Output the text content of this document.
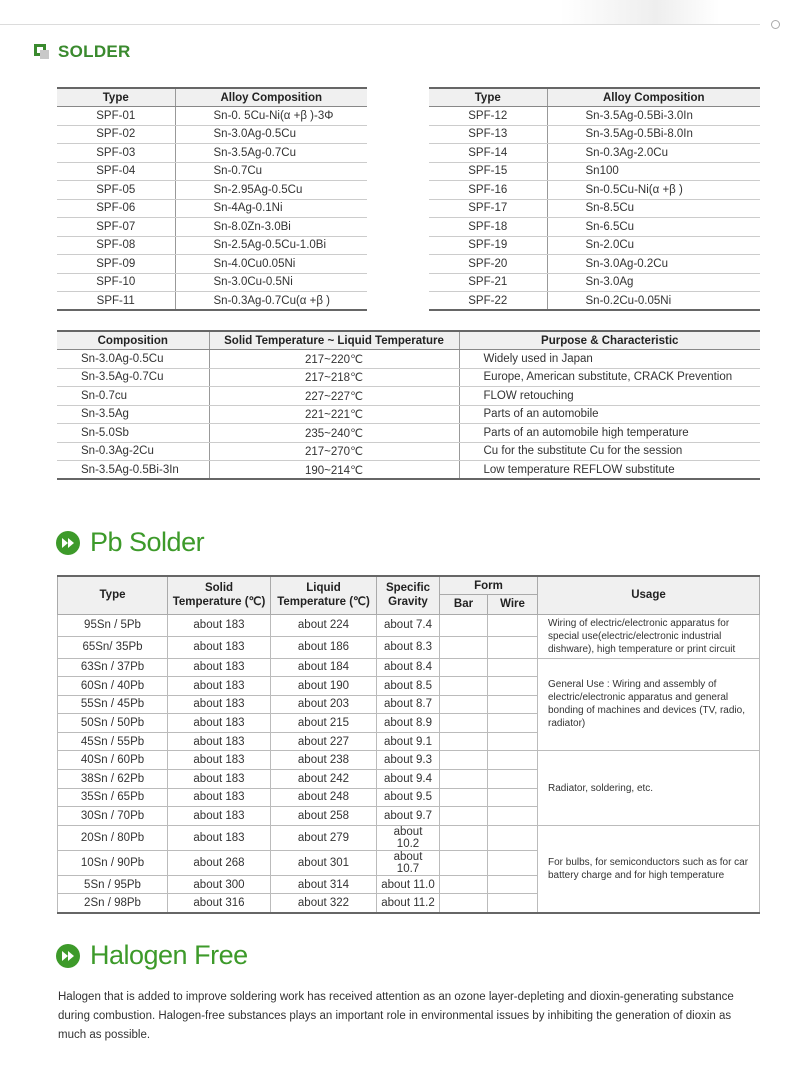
SOLDER
Type	Alloy Composition
SPF-01	Sn-0. 5Cu-Ni(α +β )-3Φ
SPF-02	Sn-3.0Ag-0.5Cu
SPF-03	Sn-3.5Ag-0.7Cu
SPF-04	Sn-0.7Cu
SPF-05	Sn-2.95Ag-0.5Cu
SPF-06	Sn-4Ag-0.1Ni
SPF-07	Sn-8.0Zn-3.0Bi
SPF-08	Sn-2.5Ag-0.5Cu-1.0Bi
SPF-09	Sn-4.0Cu0.05Ni
SPF-10	Sn-3.0Cu-0.5Ni
SPF-11	Sn-0.3Ag-0.7Cu(α +β )
Type	Alloy Composition
SPF-12	Sn-3.5Ag-0.5Bi-3.0In
SPF-13	Sn-3.5Ag-0.5Bi-8.0In
SPF-14	Sn-0.3Ag-2.0Cu
SPF-15	Sn100
SPF-16	Sn-0.5Cu-Ni(α +β )
SPF-17	Sn-8.5Cu
SPF-18	Sn-6.5Cu
SPF-19	Sn-2.0Cu
SPF-20	Sn-3.0Ag-0.2Cu
SPF-21	Sn-3.0Ag
SPF-22	Sn-0.2Cu-0.05Ni
Composition	Solid Temperature ~ Liquid Temperature	Purpose & Characteristic
Sn-3.0Ag-0.5Cu	217~220℃	Widely used in Japan
Sn-3.5Ag-0.7Cu	217~218℃	Europe, American substitute, CRACK Prevention
Sn-0.7cu	227~227℃	FLOW retouching
Sn-3.5Ag	221~221℃	Parts of an automobile
Sn-5.0Sb	235~240℃	Parts of an automobile high temperature
Sn-0.3Ag-2Cu	217~270℃	Cu for the substitute Cu for the session
Sn-3.5Ag-0.5Bi-3In	190~214℃	Low temperature REFLOW substitute
Pb Solder
Type	Solid Temperature (℃)	Liquid Temperature (℃)	Specific Gravity	Form		Usage
				Bar	Wire	
95Sn / 5Pb	about 183	about 224	about 7.4			Wiring of electric/electronic apparatus for special use(electric/electronic industrial dishware), high temperature or print circuit
65Sn/ 35Pb	about 183	about 186	about 8.3			
63Sn / 37Pb	about 183	about 184	about 8.4			General Use : Wiring and assembly of electric/electronic apparatus and general bonding of machines and devices (TV, radio, radiator)
60Sn / 40Pb	about 183	about 190	about 8.5			
55Sn / 45Pb	about 183	about 203	about 8.7			
50Sn / 50Pb	about 183	about 215	about 8.9			
45Sn / 55Pb	about 183	about 227	about 9.1			
40Sn / 60Pb	about 183	about 238	about 9.3			Radiator, soldering, etc.
38Sn / 62Pb	about 183	about 242	about 9.4			
35Sn / 65Pb	about 183	about 248	about 9.5			
30Sn / 70Pb	about 183	about 258	about 9.7			
20Sn / 80Pb	about 183	about 279	about 10.2			For bulbs, for semiconductors such as for car battery charge and for high temperature
10Sn / 90Pb	about 268	about 301	about 10.7			
5Sn / 95Pb	about 300	about 314	about 11.0			
2Sn / 98Pb	about 316	about 322	about 11.2			
Halogen Free

Halogen that is added to improve soldering work has received attention as an ozone layer-depleting and dioxin-generating substance during combustion. Halogen-free substances plays an important role in environmental issues by inhibiting the generation of dioxin as much as possible.
